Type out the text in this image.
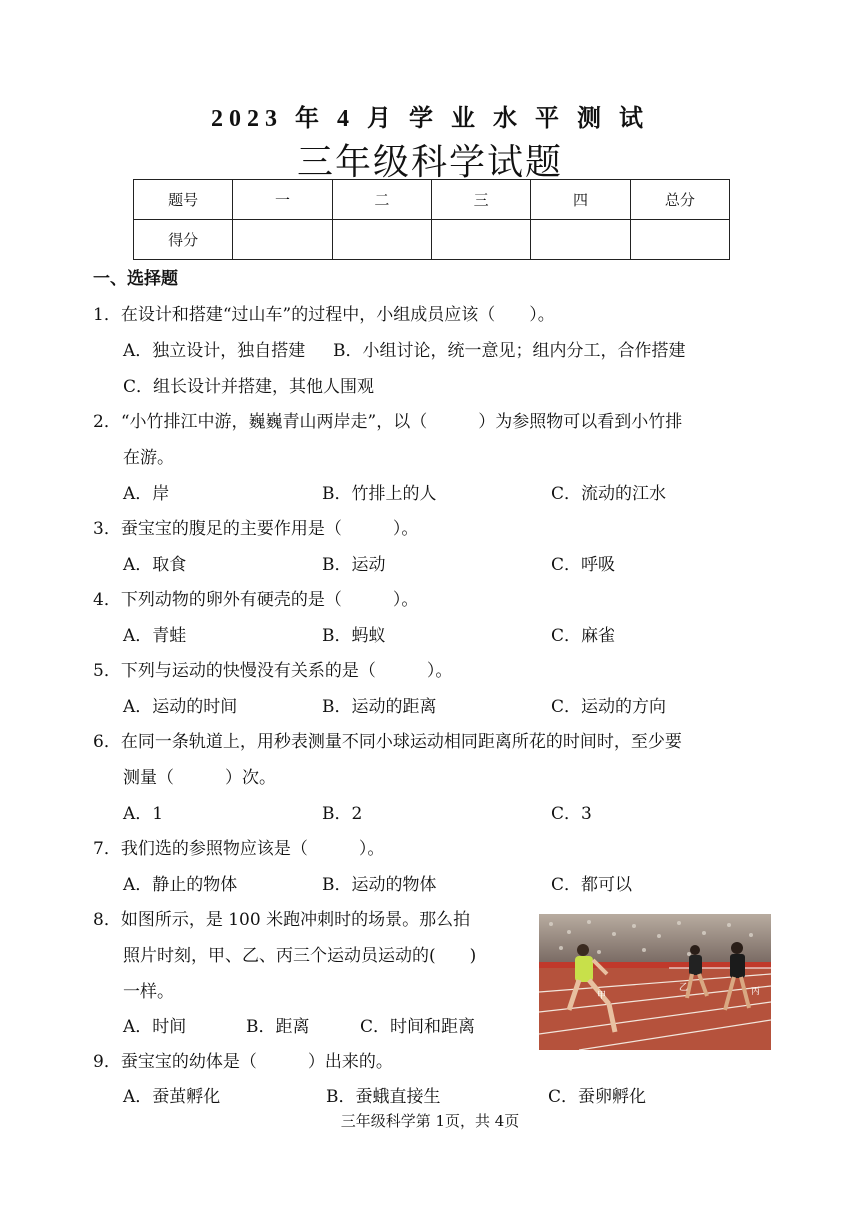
2023 年 4 月 学 业 水 平 测 试
三年级科学试题
题号	一	二	三	四	总分
得分					
一、选择题
1．在设计和搭建“过山车”的过程中，小组成员应该（　　）。
A．独立设计，独自搭建 B．小组讨论，统一意见；组内分工，合作搭建
C．组长设计并搭建，其他人围观
2．“小竹排江中游，巍巍青山两岸走”，以（　　　）为参照物可以看到小竹排
在游。
A．岸	B．竹排上的人	C．流动的江水
3．蚕宝宝的腹足的主要作用是（　　　）。
A．取食	B．运动	C．呼吸
4．下列动物的卵外有硬壳的是（　　　）。
A．青蛙	B．蚂蚁	C．麻雀
5．下列与运动的快慢没有关系的是（　　　）。
A．运动的时间	B．运动的距离	C．运动的方向
6．在同一条轨道上，用秒表测量不同小球运动相同距离所花的时间时，至少要
测量（　　　）次。
A．1	B．2	C．3
7．我们选的参照物应该是（　　　）。
A．静止的物体	B．运动的物体	C．都可以
8．如图所示，是 100 米跑冲刺时的场景。那么拍
照片时刻，甲、乙、丙三个运动员运动的(　　)
一样。
A．时间	B．距离	C．时间和距离
甲
乙	丙
9．蚕宝宝的幼体是（　　　）出来的。
A．蚕茧孵化	B．蚕蛾直接生	C．蚕卵孵化
三年级科学第 1页，共 4页
